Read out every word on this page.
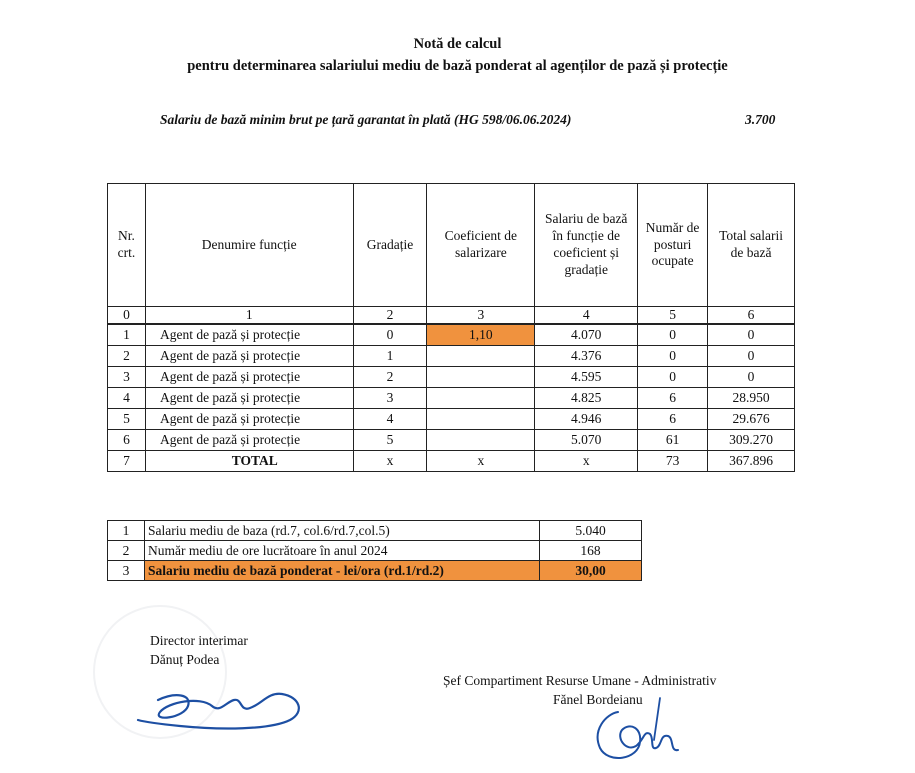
Notă de calcul
pentru determinarea salariului mediu de bază ponderat al agenților de pază și protecție
Salariu de bază minim brut pe țară garantat în plată (HG 598/06.06.2024)	3.700
Nr. crt.	Denumire funcție	Gradație	Coeficient de salarizare	Salariu de bază în funcție de coeficient și gradație	Număr de posturi ocupate	Total salarii de bază
0	1	2	3	4	5	6
1	Agent de pază și protecție	0	1,10	4.070	0	0
2	Agent de pază și protecție	1		4.376	0	0
3	Agent de pază și protecție	2		4.595	0	0
4	Agent de pază și protecție	3		4.825	6	28.950
5	Agent de pază și protecție	4		4.946	6	29.676
6	Agent de pază și protecție	5		5.070	61	309.270
7	TOTAL	x	x	x	73	367.896
1	Salariu mediu de baza (rd.7, col.6/rd.7,col.5)	5.040
2	Număr mediu de ore lucrătoare în anul 2024	168
3	Salariu mediu de bază ponderat - lei/ora (rd.1/rd.2)	30,00
Director interimar
Dănuț Podea
Șef Compartiment Resurse Umane - Administrativ
Fănel Bordeianu
